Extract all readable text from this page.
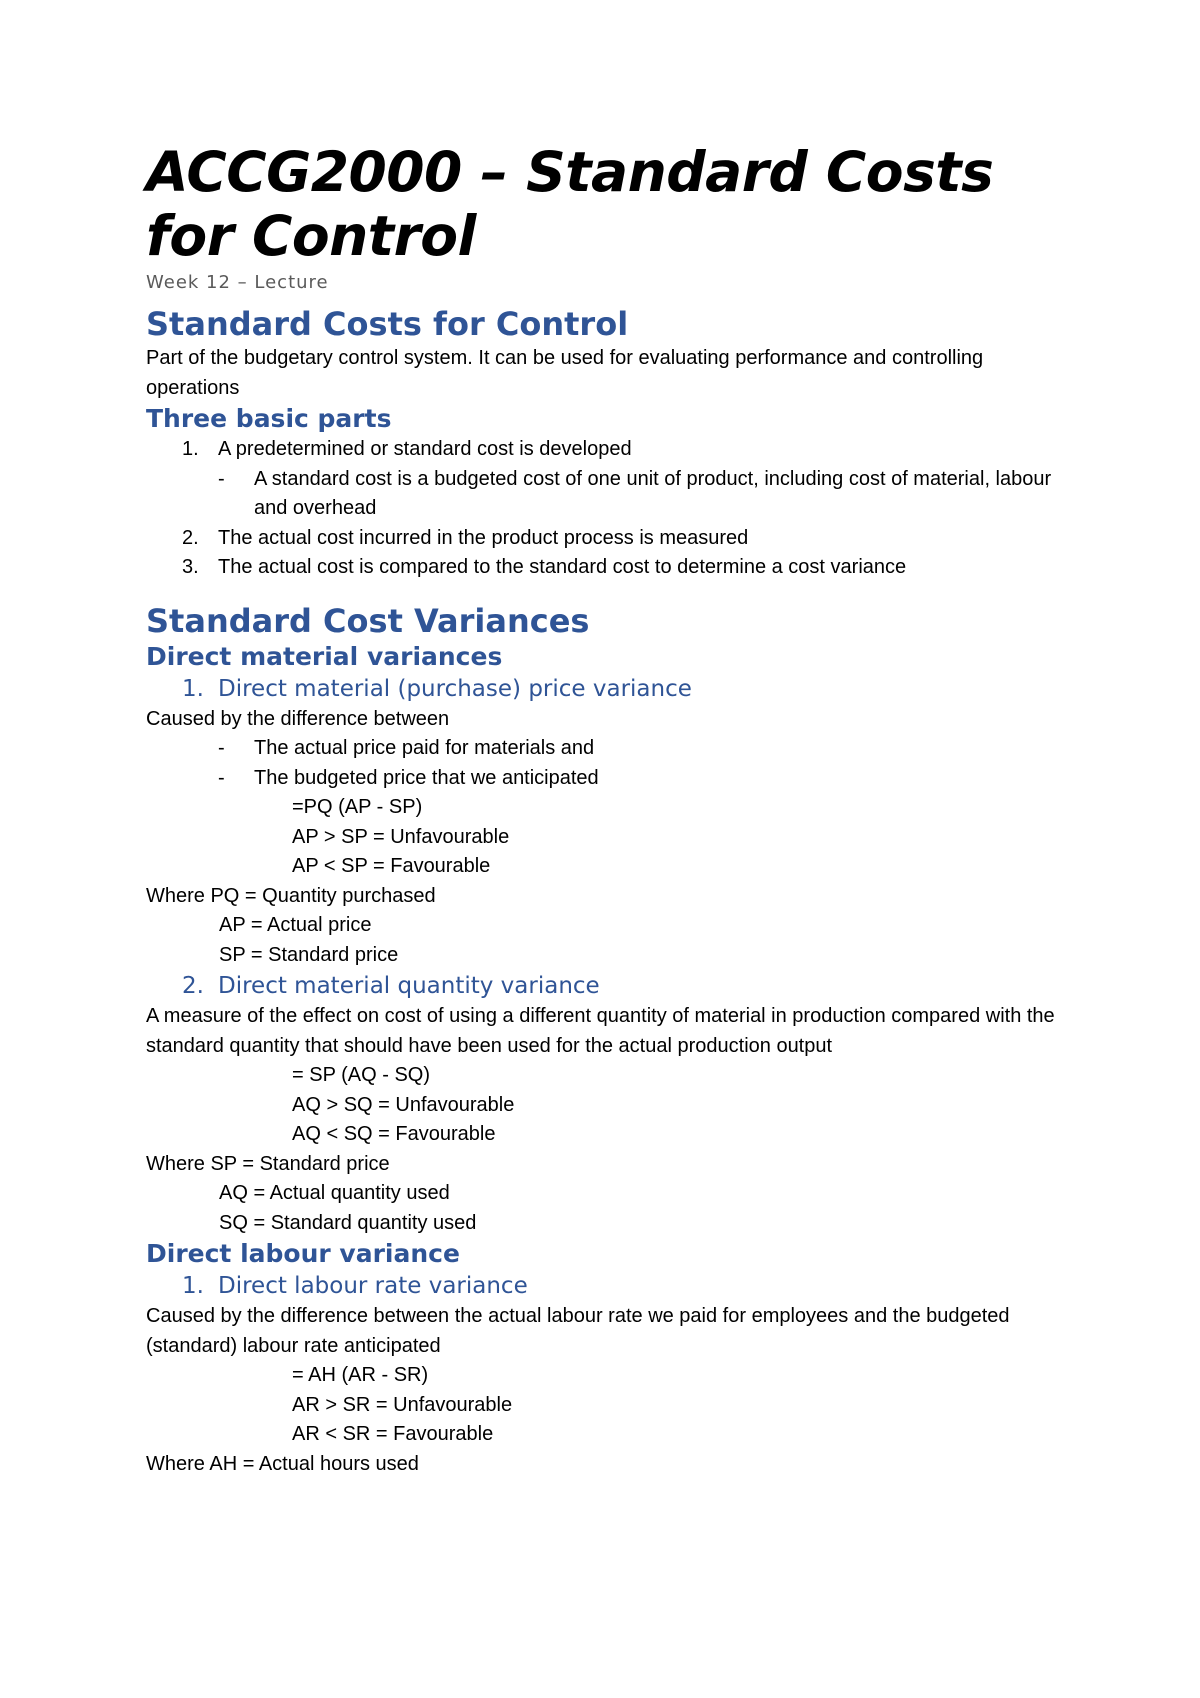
ACCG2000 – Standard Costs for Control
Week 12 – Lecture
Standard Costs for Control

Part of the budgetary control system. It can be used for evaluating performance and controlling operations

Three basic parts
1. A predetermined or standard cost is developed
-	A standard cost is a budgeted cost of one unit of product, including cost of material, labour and overhead
2. The actual cost incurred in the product process is measured
3. The actual cost is compared to the standard cost to determine a cost variance
Standard Cost Variances
Direct material variances
1. Direct material (purchase) price variance

Caused by the difference between

-	The actual price paid for materials and
-	The budgeted price that we anticipated
=PQ (AP - SP)
AP > SP = Unfavourable
AP < SP = Favourable

Where PQ = Quantity purchased

AP = Actual price
SP = Standard price
2. Direct material quantity variance

A measure of the effect on cost of using a different quantity of material in production compared with the standard quantity that should have been used for the actual production output

= SP (AQ - SQ)
AQ > SQ = Unfavourable
AQ < SQ = Favourable

Where SP = Standard price

AQ = Actual quantity used
SQ = Standard quantity used
Direct labour variance
1. Direct labour rate variance

Caused by the difference between the actual labour rate we paid for employees and the budgeted (standard) labour rate anticipated

= AH (AR - SR)
AR > SR = Unfavourable
AR < SR = Favourable

Where AH = Actual hours used
